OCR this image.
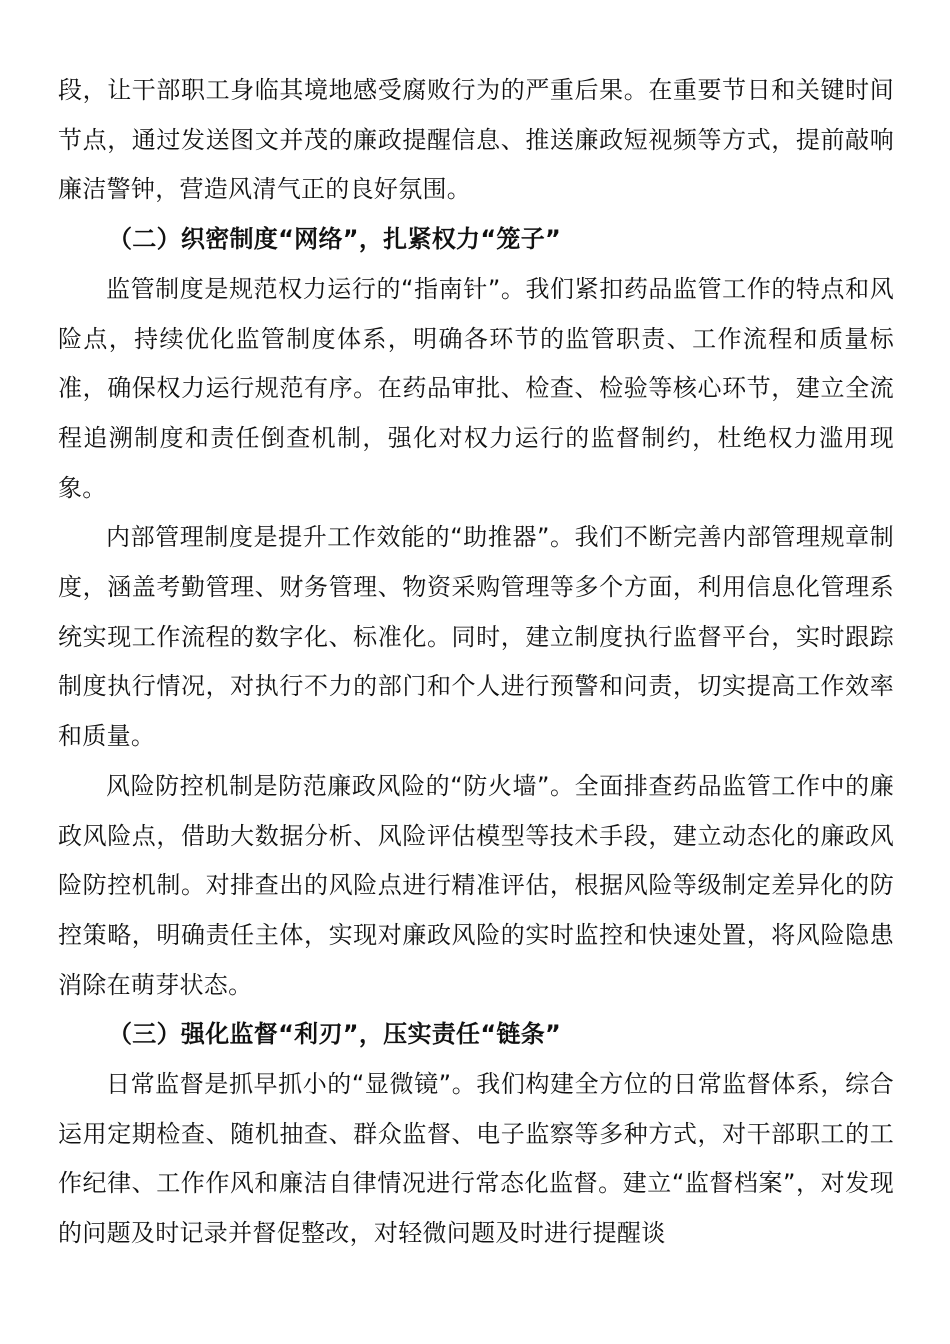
段，让干部职工身临其境地感受腐败行为的严重后果。在重要节日和关键时间节点，通过发送图文并茂的廉政提醒信息、推送廉政短视频等方式，提前敲响廉洁警钟，营造风清气正的良好氛围。

（二）织密制度“网络”，扎紧权力“笼子”

监管制度是规范权力运行的“指南针”。我们紧扣药品监管工作的特点和风险点，持续优化监管制度体系，明确各环节的监管职责、工作流程和质量标准，确保权力运行规范有序。在药品审批、检查、检验等核心环节，建立全流程追溯制度和责任倒查机制，强化对权力运行的监督制约，杜绝权力滥用现象。

内部管理制度是提升工作效能的“助推器”。我们不断完善内部管理规章制度，涵盖考勤管理、财务管理、物资采购管理等多个方面，利用信息化管理系统实现工作流程的数字化、标准化。同时，建立制度执行监督平台，实时跟踪制度执行情况，对执行不力的部门和个人进行预警和问责，切实提高工作效率和质量。

风险防控机制是防范廉政风险的“防火墙”。全面排查药品监管工作中的廉政风险点，借助大数据分析、风险评估模型等技术手段，建立动态化的廉政风险防控机制。对排查出的风险点进行精准评估，根据风险等级制定差异化的防控策略，明确责任主体，实现对廉政风险的实时监控和快速处置，将风险隐患消除在萌芽状态。

（三）强化监督“利刃”，压实责任“链条”

日常监督是抓早抓小的“显微镜”。我们构建全方位的日常监督体系，综合运用定期检查、随机抽查、群众监督、电子监察等多种方式，对干部职工的工作纪律、工作作风和廉洁自律情况进行常态化监督。建立“监督档案”，对发现的问题及时记录并督促整改，对轻微问题及时进行提醒谈
